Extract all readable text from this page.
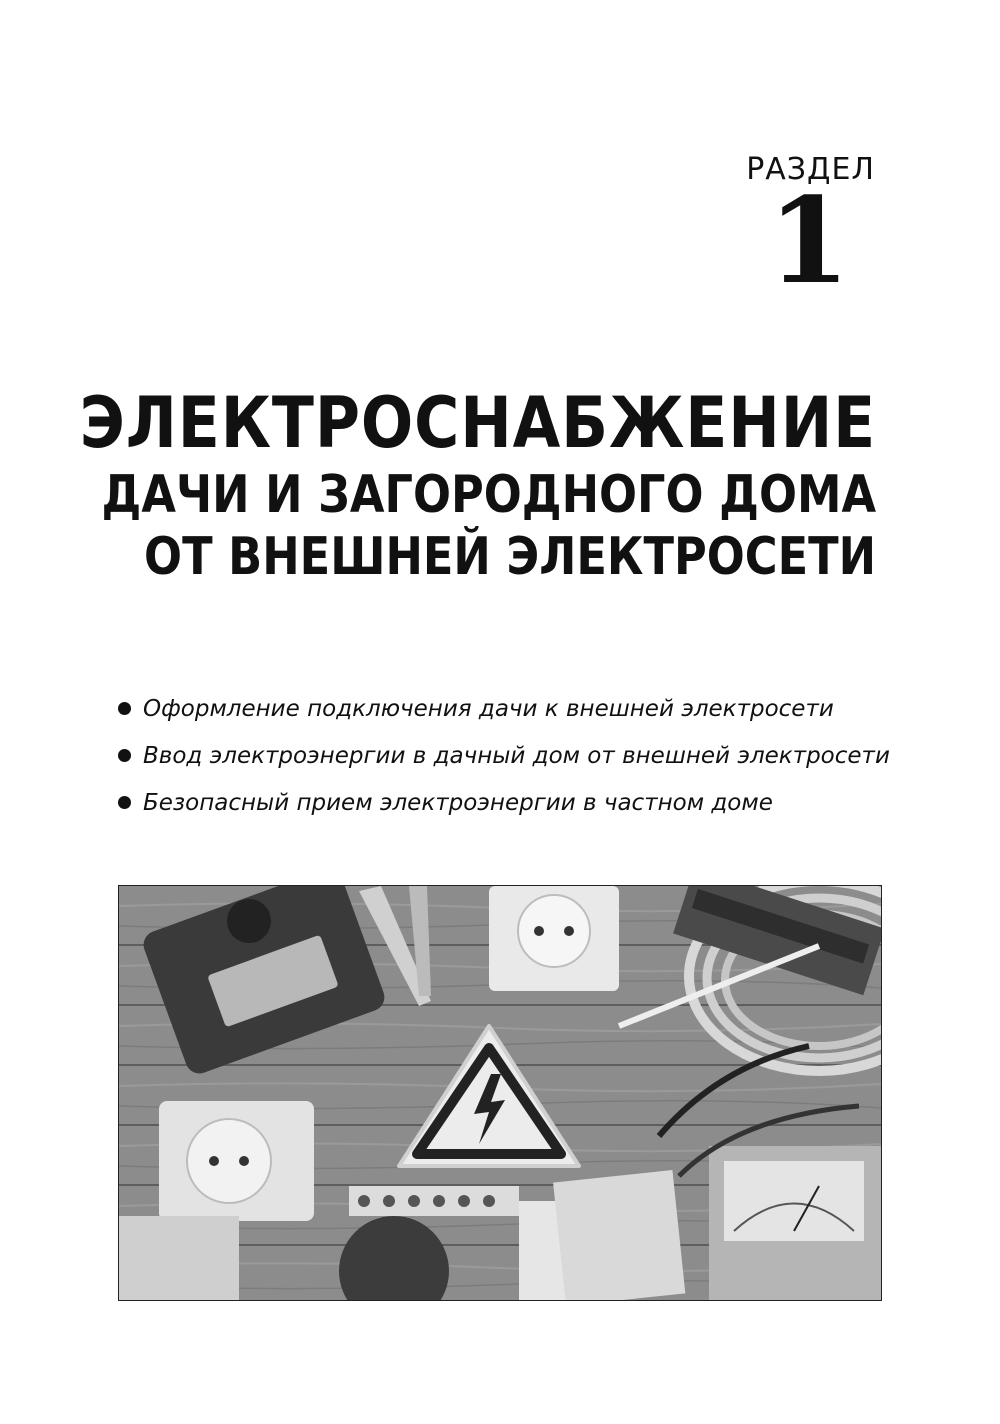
РАЗДЕЛ
1
ЭЛЕКТРОСНАБЖЕНИЕ
ДАЧИ И ЗАГОРОДНОГО ДОМА
ОТ ВНЕШНЕЙ ЭЛЕКТРОСЕТИ
Оформление подключения дачи к внешней электросети
Ввод электроэнергии в дачный дом от внешней электросети
Безопасный прием электроэнергии в частном доме
